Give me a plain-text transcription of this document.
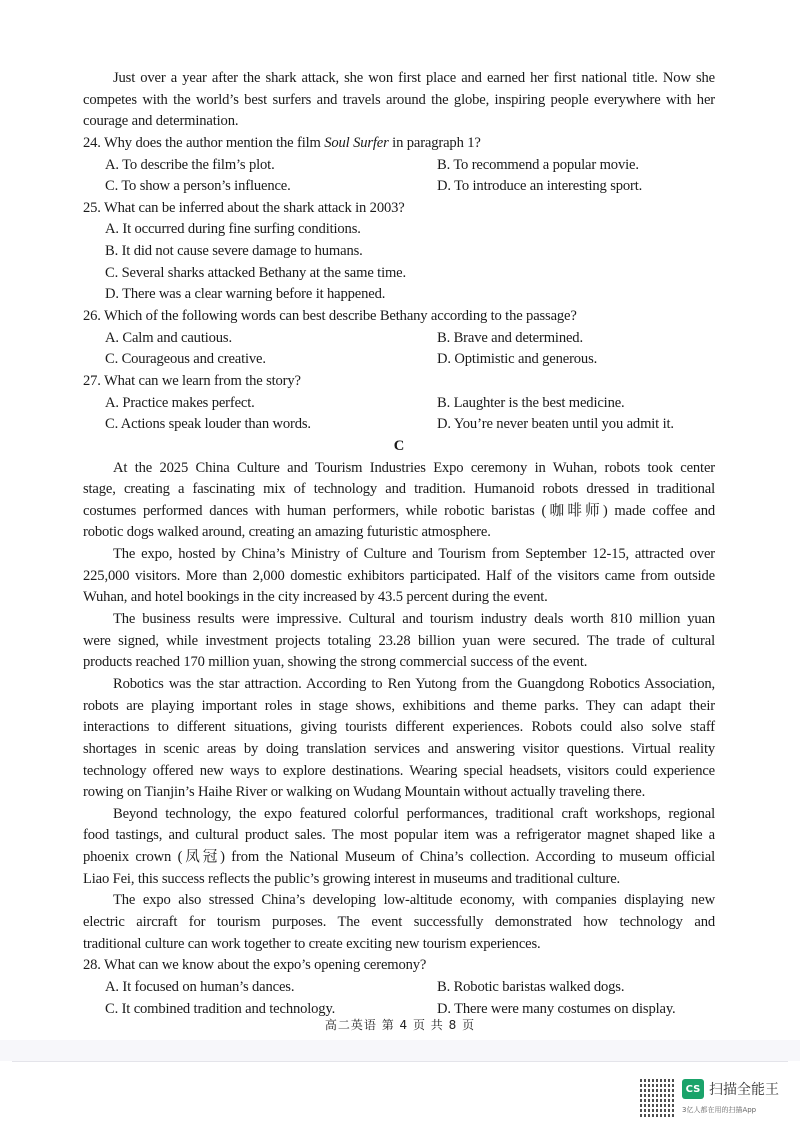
Just over a year after the shark attack, she won first place and earned her first national title. Now she
competes with the world’s best surfers and travels around the globe, inspiring people everywhere with her
courage and determination.
24. Why does the author mention the film Soul Surfer in paragraph 1?
A. To describe the film’s plot.	B. To recommend a popular movie.
C. To show a person’s influence.	D. To introduce an interesting sport.
25. What can be inferred about the shark attack in 2003?
A. It occurred during fine surfing conditions.
B. It did not cause severe damage to humans.
C. Several sharks attacked Bethany at the same time.
D. There was a clear warning before it happened.
26. Which of the following words can best describe Bethany according to the passage?
A. Calm and cautious.	B. Brave and determined.
C. Courageous and creative.	D. Optimistic and generous.
27. What can we learn from the story?
A. Practice makes perfect.	B. Laughter is the best medicine.
C. Actions speak louder than words.	D. You’re never beaten until you admit it.
C
At the 2025 China Culture and Tourism Industries Expo ceremony in Wuhan, robots took center
stage, creating a fascinating mix of technology and tradition. Humanoid robots dressed in traditional
costumes performed dances with human performers, while robotic baristas (咖啡师) made coffee and
robotic dogs walked around, creating an amazing futuristic atmosphere.
The expo, hosted by China’s Ministry of Culture and Tourism from September 12-15, attracted over
225,000 visitors. More than 2,000 domestic exhibitors participated. Half of the visitors came from outside
Wuhan, and hotel bookings in the city increased by 43.5 percent during the event.
The business results were impressive. Cultural and tourism industry deals worth 810 million yuan
were signed, while investment projects totaling 23.28 billion yuan were secured. The trade of cultural
products reached 170 million yuan, showing the strong commercial success of the event.
Robotics was the star attraction. According to Ren Yutong from the Guangdong Robotics Association,
robots are playing important roles in stage shows, exhibitions and theme parks. They can adapt their
interactions to different situations, giving tourists different experiences. Robots could also solve staff
shortages in scenic areas by doing translation services and answering visitor questions. Virtual reality
technology offered new ways to explore destinations. Wearing special headsets, visitors could experience
rowing on Tianjin’s Haihe River or walking on Wudang Mountain without actually traveling there.
Beyond technology, the expo featured colorful performances, traditional craft workshops, regional
food tastings, and cultural product sales. The most popular item was a refrigerator magnet shaped like a
phoenix crown (凤冠) from the National Museum of China’s collection. According to museum official
Liao Fei, this success reflects the public’s growing interest in museums and traditional culture.
The expo also stressed China’s developing low-altitude economy, with companies displaying new
electric aircraft for tourism purposes. The event successfully demonstrated how technology and
traditional culture can work together to create exciting new tourism experiences.
28. What can we know about the expo’s opening ceremony?
A. It focused on human’s dances.	B. Robotic baristas walked dogs.
C. It combined tradition and technology.	D. There were many costumes on display.
高二英语 第 4 页 共 8 页
CS 扫描全能王
3亿人都在用的扫描App
